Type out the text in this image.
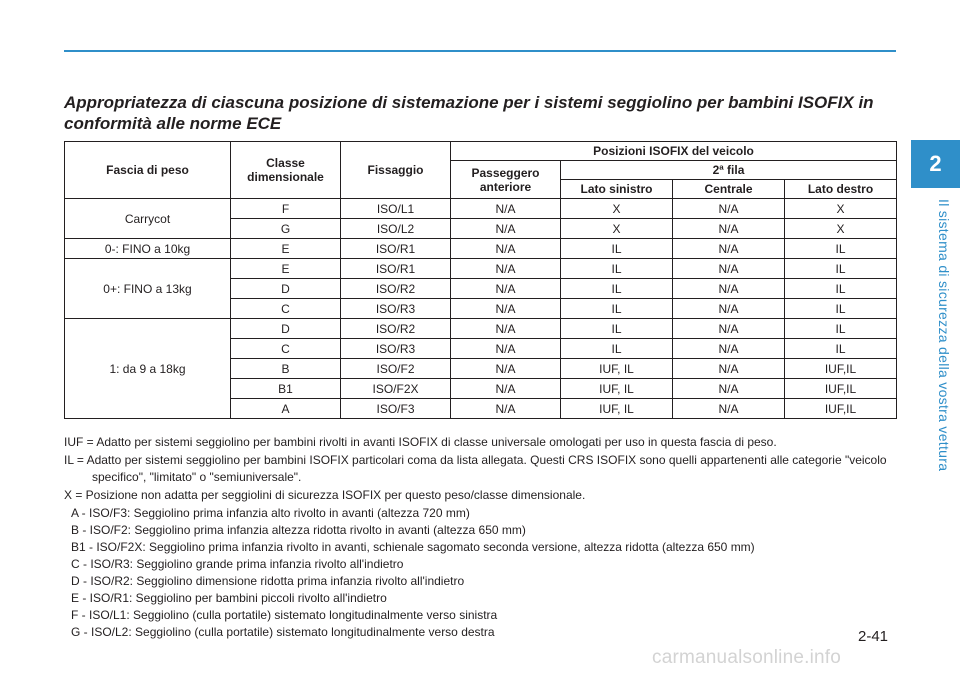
Appropriatezza di ciascuna posizione di sistemazione per i sistemi seggiolino per bambini ISOFIX in conformità alle norme ECE
2
Il sistema di sicurezza della vostra vettura
Fascia di peso	Classe dimensionale	Fissaggio	Posizioni ISOFIX del veicolo			
			Passeggero anteriore	2ª fila		
				Lato sinistro	Centrale	Lato destro
Carrycot	F	ISO/L1	N/A	X	N/A	X
	G	ISO/L2	N/A	X	N/A	X
0-: FINO a 10kg	E	ISO/R1	N/A	IL	N/A	IL
0+: FINO a 13kg	E	ISO/R1	N/A	IL	N/A	IL
	D	ISO/R2	N/A	IL	N/A	IL
	C	ISO/R3	N/A	IL	N/A	IL
1: da 9 a 18kg	D	ISO/R2	N/A	IL	N/A	IL
	C	ISO/R3	N/A	IL	N/A	IL
	B	ISO/F2	N/A	IUF, IL	N/A	IUF,IL
	B1	ISO/F2X	N/A	IUF, IL	N/A	IUF,IL
	A	ISO/F3	N/A	IUF, IL	N/A	IUF,IL

IUF = Adatto per sistemi seggiolino per bambini rivolti in avanti ISOFIX di classe universale omologati per uso in questa fascia di peso.

IL = Adatto per sistemi seggiolino per bambini ISOFIX particolari coma da lista allegata. Questi CRS ISOFIX sono quelli appartenenti alle categorie "veicolo specifico", "limitato" o "semiuniversale".

X = Posizione non adatta per seggiolini di sicurezza ISOFIX per questo peso/classe dimensionale.

A - ISO/F3: Seggiolino prima infanzia alto rivolto in avanti (altezza 720 mm)

B - ISO/F2: Seggiolino prima infanzia altezza ridotta rivolto in avanti (altezza 650 mm)

B1 - ISO/F2X: Seggiolino prima infanzia rivolto in avanti, schienale sagomato seconda versione, altezza ridotta (altezza 650 mm)

C - ISO/R3: Seggiolino grande prima infanzia rivolto all'indietro

D - ISO/R2: Seggiolino dimensione ridotta prima infanzia rivolto all'indietro

E - ISO/R1: Seggiolino per bambini piccoli rivolto all'indietro

F - ISO/L1: Seggiolino (culla portatile) sistemato longitudinalmente verso sinistra

G - ISO/L2: Seggiolino (culla portatile) sistemato longitudinalmente verso destra	2-41
carmanualsonline.info
